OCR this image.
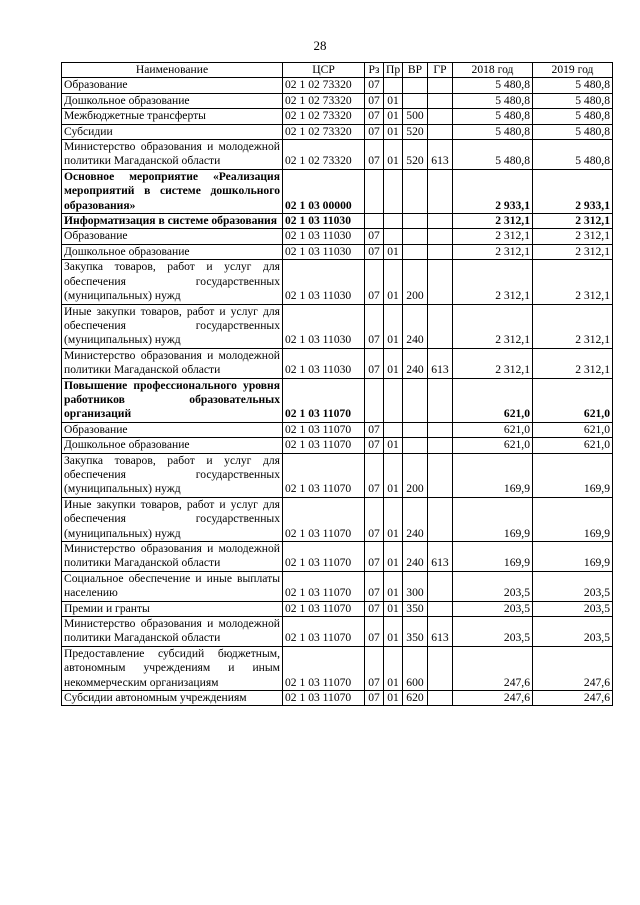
28
Наименование	ЦСР	Рз	Пр	ВР	ГР	2018 год	2019 год
Образование	02 1 02 73320	07				5 480,8	5 480,8
Дошкольное образование	02 1 02 73320	07	01			5 480,8	5 480,8
Межбюджетные трансферты	02 1 02 73320	07	01	500		5 480,8	5 480,8
Субсидии	02 1 02 73320	07	01	520		5 480,8	5 480,8
Министерство образования и молодежной политики Магаданской области	02 1 02 73320	07	01	520	613	5 480,8	5 480,8
Основное мероприятие «Реализация мероприятий в системе дошкольного образования»	02 1 03 00000					2 933,1	2 933,1
Информатизация в системе образования	02 1 03 11030					2 312,1	2 312,1
Образование	02 1 03 11030	07				2 312,1	2 312,1
Дошкольное образование	02 1 03 11030	07	01			2 312,1	2 312,1
Закупка товаров, работ и услуг для обеспечения государственных (муниципальных) нужд	02 1 03 11030	07	01	200		2 312,1	2 312,1
Иные закупки товаров, работ и услуг для обеспечения государственных (муниципальных) нужд	02 1 03 11030	07	01	240		2 312,1	2 312,1
Министерство образования и молодежной политики Магаданской области	02 1 03 11030	07	01	240	613	2 312,1	2 312,1
Повышение профессионального уровня работников образовательных организаций	02 1 03 11070					621,0	621,0
Образование	02 1 03 11070	07				621,0	621,0
Дошкольное образование	02 1 03 11070	07	01			621,0	621,0
Закупка товаров, работ и услуг для обеспечения государственных (муниципальных) нужд	02 1 03 11070	07	01	200		169,9	169,9
Иные закупки товаров, работ и услуг для обеспечения государственных (муниципальных) нужд	02 1 03 11070	07	01	240		169,9	169,9
Министерство образования и молодежной политики Магаданской области	02 1 03 11070	07	01	240	613	169,9	169,9
Социальное обеспечение и иные выплаты населению	02 1 03 11070	07	01	300		203,5	203,5
Премии и гранты	02 1 03 11070	07	01	350		203,5	203,5
Министерство образования и молодежной политики Магаданской области	02 1 03 11070	07	01	350	613	203,5	203,5
Предоставление субсидий бюджетным, автономным учреждениям и иным некоммерческим организациям	02 1 03 11070	07	01	600		247,6	247,6
Субсидии автономным учреждениям	02 1 03 11070	07	01	620		247,6	247,6
